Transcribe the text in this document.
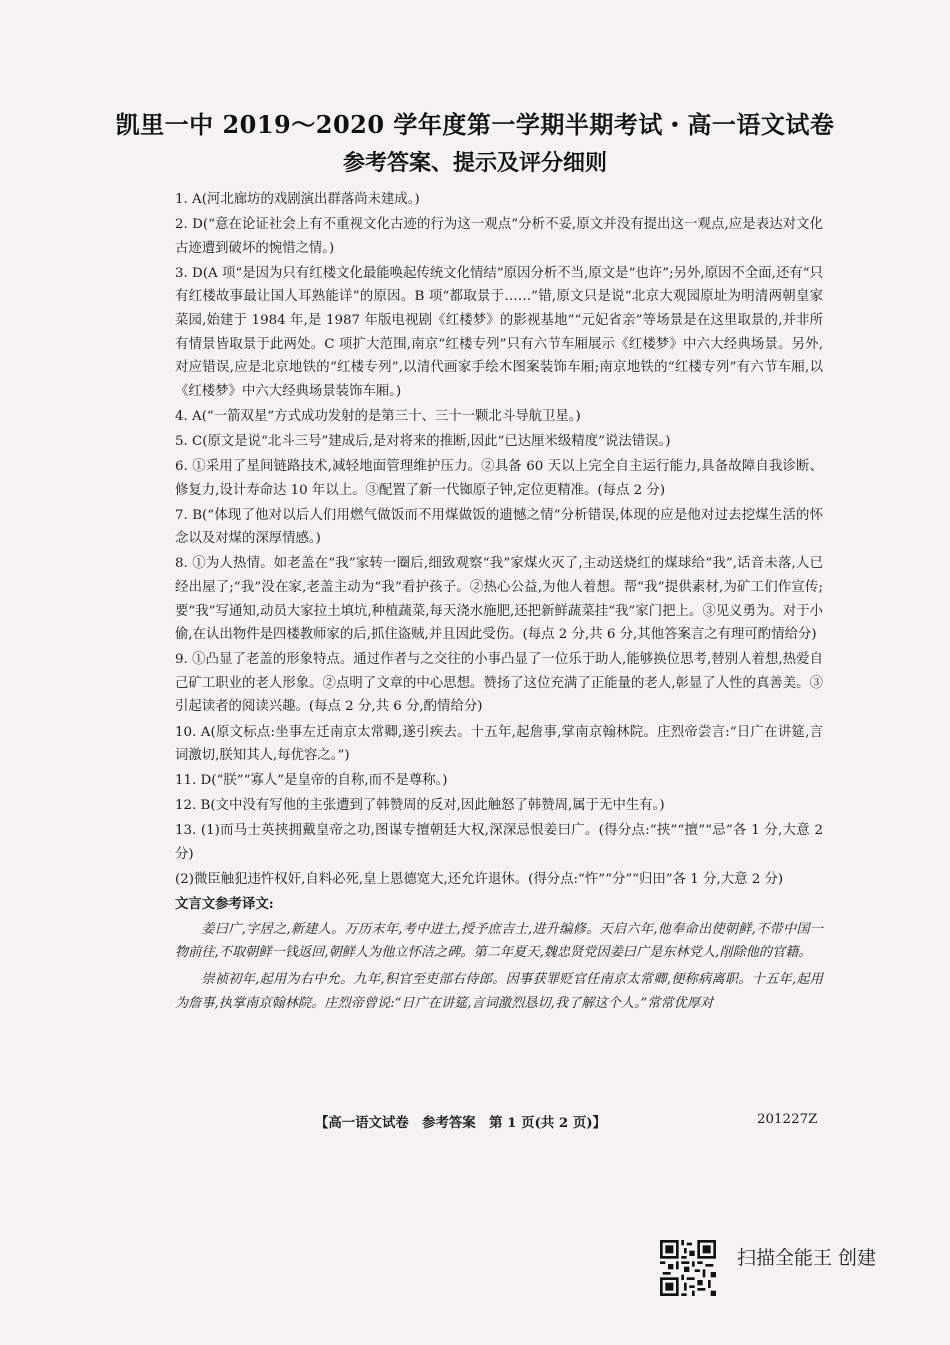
凯里一中 2019～2020 学年度第一学期半期考试・高一语文试卷
参考答案、提示及评分细则
1. A(河北廊坊的戏剧演出群落尚未建成。)
2. D(“意在论证社会上有不重视文化古迹的行为这一观点”分析不妥,原文并没有提出这一观点,应是表达对文化古迹遭到破坏的惋惜之情。)
3. D(A 项“是因为只有红楼文化最能唤起传统文化情结”原因分析不当,原文是“也许”;另外,原因不全面,还有“只有红楼故事最让国人耳熟能详”的原因。B 项“都取景于……”错,原文只是说“北京大观园原址为明清两朝皇家菜园,始建于 1984 年,是 1987 年版电视剧《红楼梦》的影视基地”“元妃省亲”等场景是在这里取景的,并非所有情景皆取景于此两处。C 项扩大范围,南京“红楼专列”只有六节车厢展示《红楼梦》中六大经典场景。另外,对应错误,应是北京地铁的“红楼专列”,以清代画家手绘木图案装饰车厢;南京地铁的“红楼专列”有六节车厢,以《红楼梦》中六大经典场景装饰车厢。)
4. A(“一箭双星”方式成功发射的是第三十、三十一颗北斗导航卫星。)
5. C(原文是说“北斗三号”建成后,是对将来的推断,因此“已达厘米级精度”说法错误。)
6. ①采用了星间链路技术,减轻地面管理维护压力。②具备 60 天以上完全自主运行能力,具备故障自我诊断、修复力,设计寿命达 10 年以上。③配置了新一代铷原子钟,定位更精准。(每点 2 分)
7. B(“体现了他对以后人们用燃气做饭而不用煤做饭的遗憾之情”分析错误,体现的应是他对过去挖煤生活的怀念以及对煤的深厚情感。)
8. ①为人热情。如老盖在“我”家转一圈后,细致观察“我”家煤火灭了,主动送烧红的煤球给“我”,话音未落,人已经出屋了;“我”没在家,老盖主动为“我”看护孩子。②热心公益,为他人着想。帮“我”提供素材,为矿工们作宣传;要“我”写通知,动员大家拉土填坑,种植蔬菜,每天浇水施肥,还把新鲜蔬菜挂“我”家门把上。③见义勇为。对于小偷,在认出物件是四楼教师家的后,抓住盗贼,并且因此受伤。(每点 2 分,共 6 分,其他答案言之有理可酌情给分)
9. ①凸显了老盖的形象特点。通过作者与之交往的小事凸显了一位乐于助人,能够换位思考,替别人着想,热爱自己矿工职业的老人形象。②点明了文章的中心思想。赞扬了这位充满了正能量的老人,彰显了人性的真善美。③引起读者的阅读兴趣。(每点 2 分,共 6 分,酌情给分)
10. A(原文标点:坐事左迁南京太常卿,遂引疾去。十五年,起詹事,掌南京翰林院。庄烈帝尝言:“日广在讲筵,言词激切,朕知其人,每优容之。”)
11. D(“朕”“寡人”是皇帝的自称,而不是尊称。)
12. B(文中没有写他的主张遭到了韩赞周的反对,因此触怒了韩赞周,属于无中生有。)
13. (1)而马士英挟拥戴皇帝之功,图谋专擅朝廷大权,深深忌恨姜曰广。(得分点:“挟”“擅”“忌”各 1 分,大意 2 分)
(2)微臣触犯违忤权奸,自料必死,皇上恩德宽大,还允许退休。(得分点:“忤”“分”“归田”各 1 分,大意 2 分)
文言文参考译文:
姜曰广,字居之,新建人。万历末年,考中进士,授予庶吉士,进升编修。天启六年,他奉命出使朝鲜,不带中国一物前往,不取朝鲜一钱返回,朝鲜人为他立怀洁之碑。第二年夏天,魏忠贤党因姜曰广是东林党人,削除他的官籍。
崇祯初年,起用为右中允。九年,积官至吏部右侍郎。因事获罪贬官任南京太常卿,便称病离职。十五年,起用为詹事,执掌南京翰林院。庄烈帝曾说:“日广在讲筵,言词激烈恳切,我了解这个人。”常常优厚对
【高一语文试卷　参考答案　第 1 页(共 2 页)】	201227Z
扫描全能王 创建
